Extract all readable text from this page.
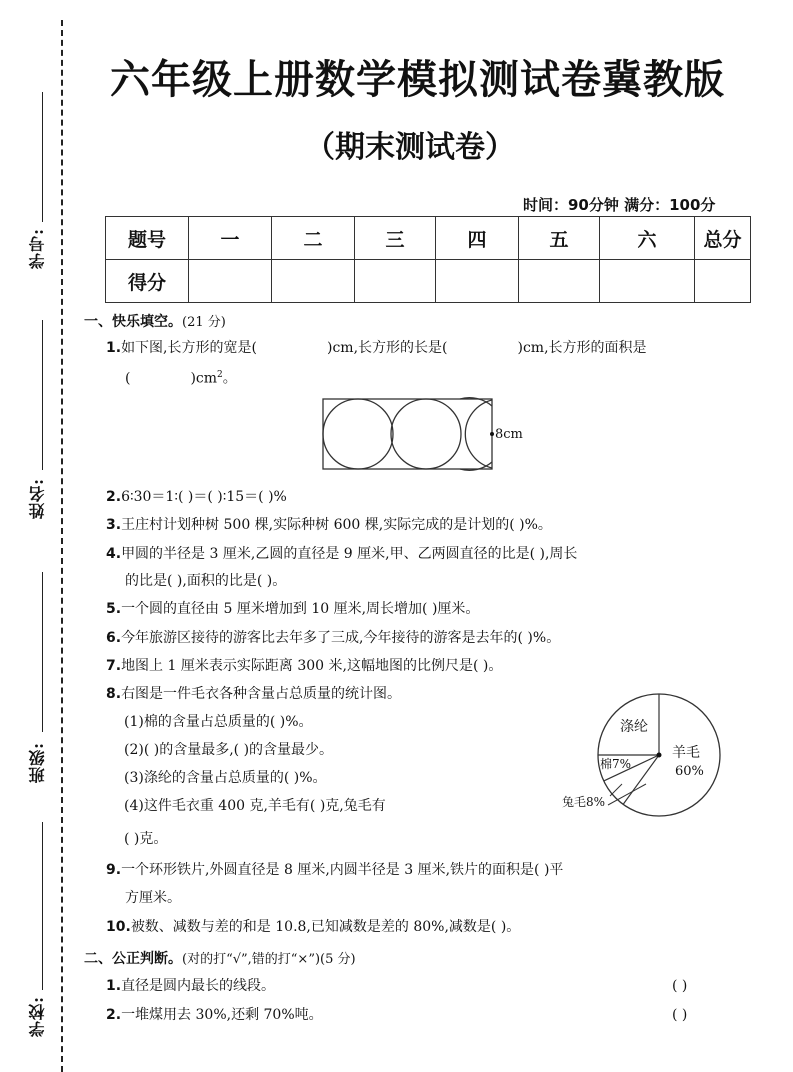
学号:
姓名:
班级:
学校:
六年级上册数学模拟测试卷冀教版
（期末测试卷）
时间：90分钟 满分：100分
题号	一	二	三	四	五	六	总分
得分							
一、快乐填空。(21 分)
1.如下图,长方形的宽是(	)cm,长方形的长是(	)cm,长方形的面积是
(	)$cm^2$。
8cm
2.6∶30＝1∶( )＝( )∶15＝( )%
3.王庄村计划种树 500 棵,实际种树 600 棵,实际完成的是计划的( )%。
4.甲圆的半径是 3 厘米,乙圆的直径是 9 厘米,甲、乙两圆直径的比是( ),周长
的比是( ),面积的比是( )。
5.一个圆的直径由 5 厘米增加到 10 厘米,周长增加( )厘米。
6.今年旅游区接待的游客比去年多了三成,今年接待的游客是去年的( )%。
7.地图上 1 厘米表示实际距离 300 米,这幅地图的比例尺是( )。
8.右图是一件毛衣各种含量占总质量的统计图。
(1)棉的含量占总质量的( )%。
(2)( )的含量最多,( )的含量最少。
(3)涤纶的含量占总质量的( )%。
(4)这件毛衣重 400 克,羊毛有( )克,兔毛有
( )克。
涤纶
羊毛
60%
棉7%
兔毛8%
9.一个环形铁片,外圆直径是 8 厘米,内圆半径是 3 厘米,铁片的面积是( )平
方厘米。
10.被数、减数与差的和是 10.8,已知减数是差的 80%,减数是( )。
二、公正判断。(对的打“√”,错的打“×”)(5 分)
1.直径是圆内最长的线段。	( )
2.一堆煤用去 30%,还剩 70%吨。	( )
